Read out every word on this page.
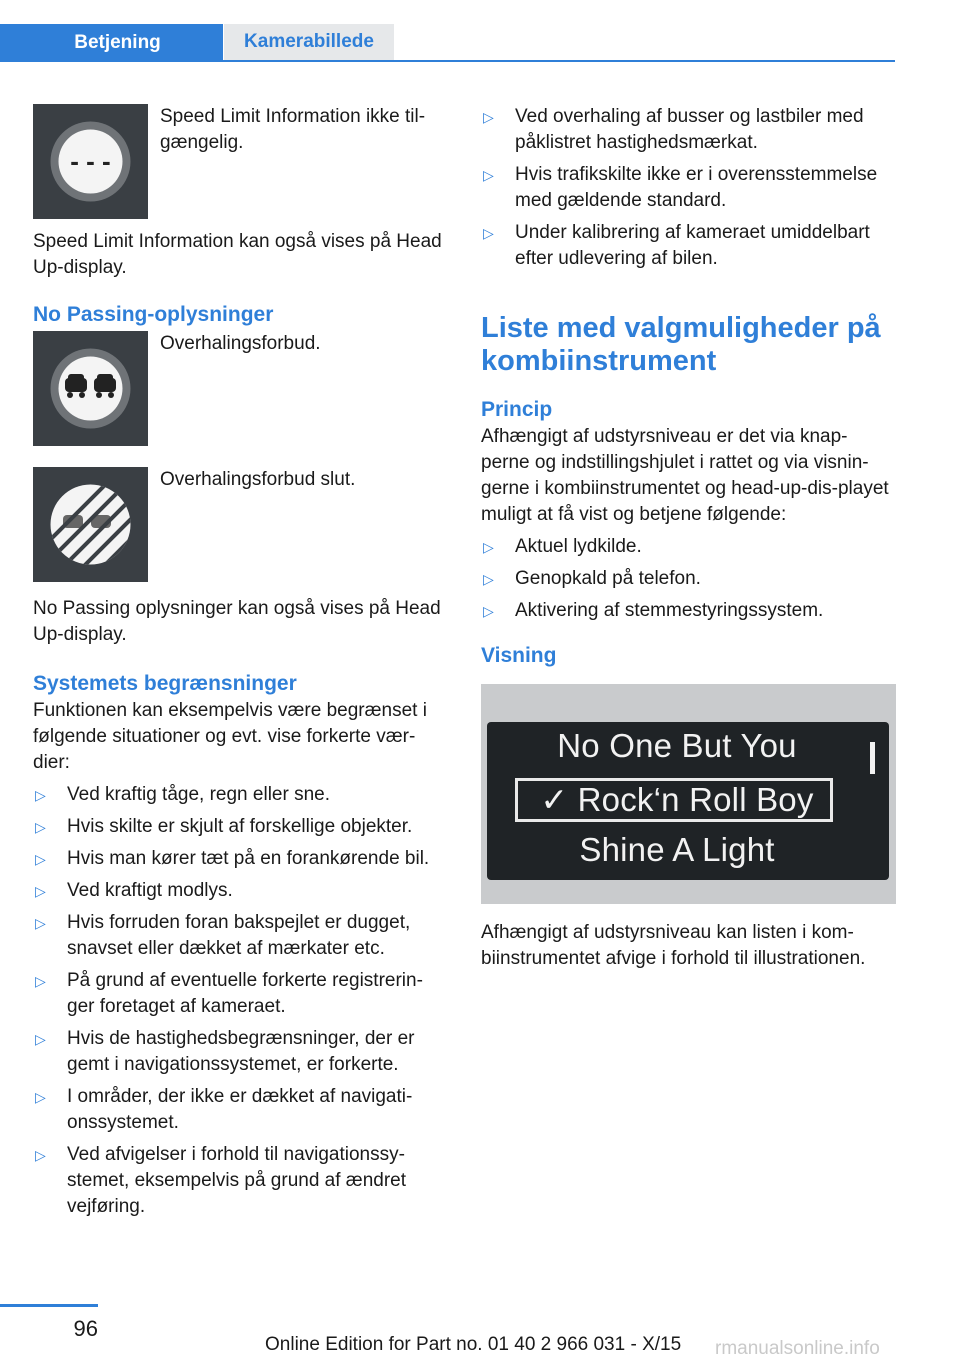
Betjening	Kamerabillede
- - -

Speed Limit Information ikke til‐gængelig.

Speed Limit Information kan også vises på Head Up-display.

No Passing-oplysninger

Overhalingsforbud.

Overhalingsforbud slut.

No Passing oplysninger kan også vises på Head Up-display.

Systemets begrænsninger

Funktionen kan eksempelvis være begrænset i følgende situationer og evt. vise forkerte vær‐dier:

▷	Ved kraftig tåge, regn eller sne.
▷	Hvis skilte er skjult af forskellige objekter.
▷	Hvis man kører tæt på en forankørende bil.
▷	Ved kraftigt modlys.
▷	Hvis forruden foran bakspejlet er dugget, snavset eller dækket af mærkater etc.
▷	På grund af eventuelle forkerte registrerin‐ger foretaget af kameraet.
▷	Hvis de hastighedsbegrænsninger, der er gemt i navigationssystemet, er forkerte.
▷	I områder, der ikke er dækket af navigati‐onssystemet.
▷	Ved afvigelser i forhold til navigationssy‐stemet, eksempelvis på grund af ændret vejføring.
▷	Ved overhaling af busser og lastbiler med påklistret hastighedsmærkat.
▷	Hvis trafikskilte ikke er i overensstemmelse med gældende standard.
▷	Under kalibrering af kameraet umiddelbart efter udlevering af bilen.
Liste med valgmuligheder på kombiinstrument
Princip

Afhængigt af udstyrsniveau er det via knap‐perne og indstillingshjulet i rattet og via visnin‐gerne i kombiinstrumentet og head-up-dis‐playet muligt at få vist og betjene følgende:

▷	Aktuel lydkilde.
▷	Genopkald på telefon.
▷	Aktivering af stemmestyringssystem.
Visning
No One But You
✓ Rock‘n Roll Boy
Shine A Light

Afhængigt af udstyrsniveau kan listen i kom‐biinstrumentet afvige i forhold til illustrationen.

96
Online Edition for Part no. 01 40 2 966 031 - X/15 rmanualsonline.info
